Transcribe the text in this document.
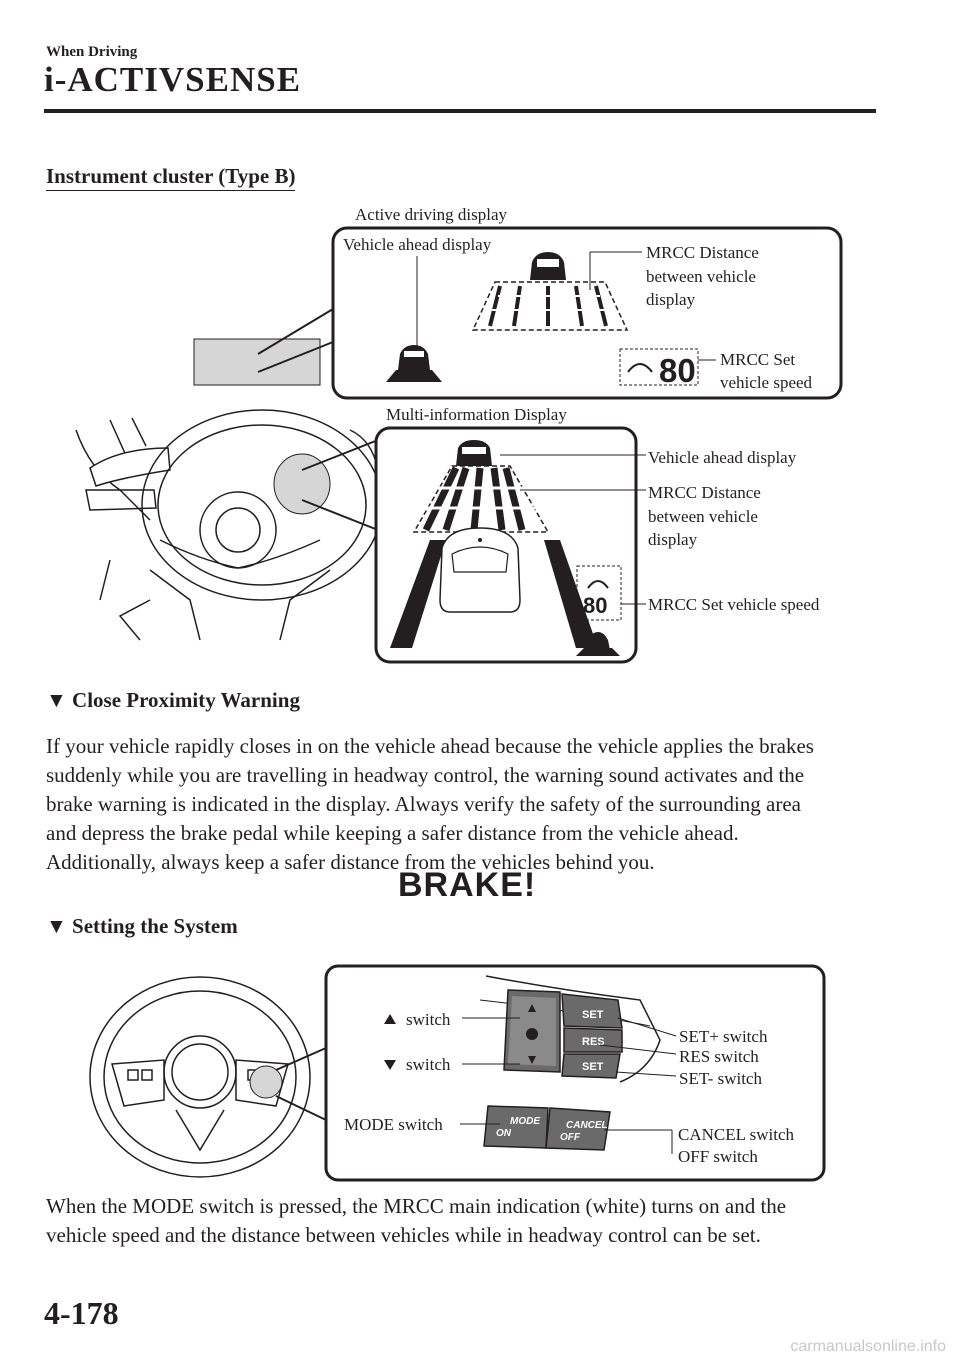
When Driving
i-ACTIVSENSE
Instrument cluster (Type B)
Active driving display
Vehicle ahead display	MRCC Distance
between vehicle
display
80 MRCC Set
vehicle speed
Multi-information Display
80
Vehicle ahead display
MRCC Distance
between vehicle
display
MRCC Set vehicle speed
▼ Close Proximity Warning
If your vehicle rapidly closes in on the vehicle ahead because the vehicle applies the brakes
suddenly while you are travelling in headway control, the warning sound activates and the
brake warning is indicated in the display. Always verify the safety of the surrounding area
and depress the brake pedal while keeping a safer distance from the vehicle ahead.
Additionally, always keep a safer distance from the vehicles behind you.
BRAKE!
▼ Setting the System
SET
RES
SET
MODE
ON
CANCEL
OFF
switch
switch
MODE switch
SET+ switch
RES switch
SET- switch
CANCEL switch
OFF switch
When the MODE switch is pressed, the MRCC main indication (white) turns on and the
vehicle speed and the distance between vehicles while in headway control can be set.
4-178
carmanualsonline.info
